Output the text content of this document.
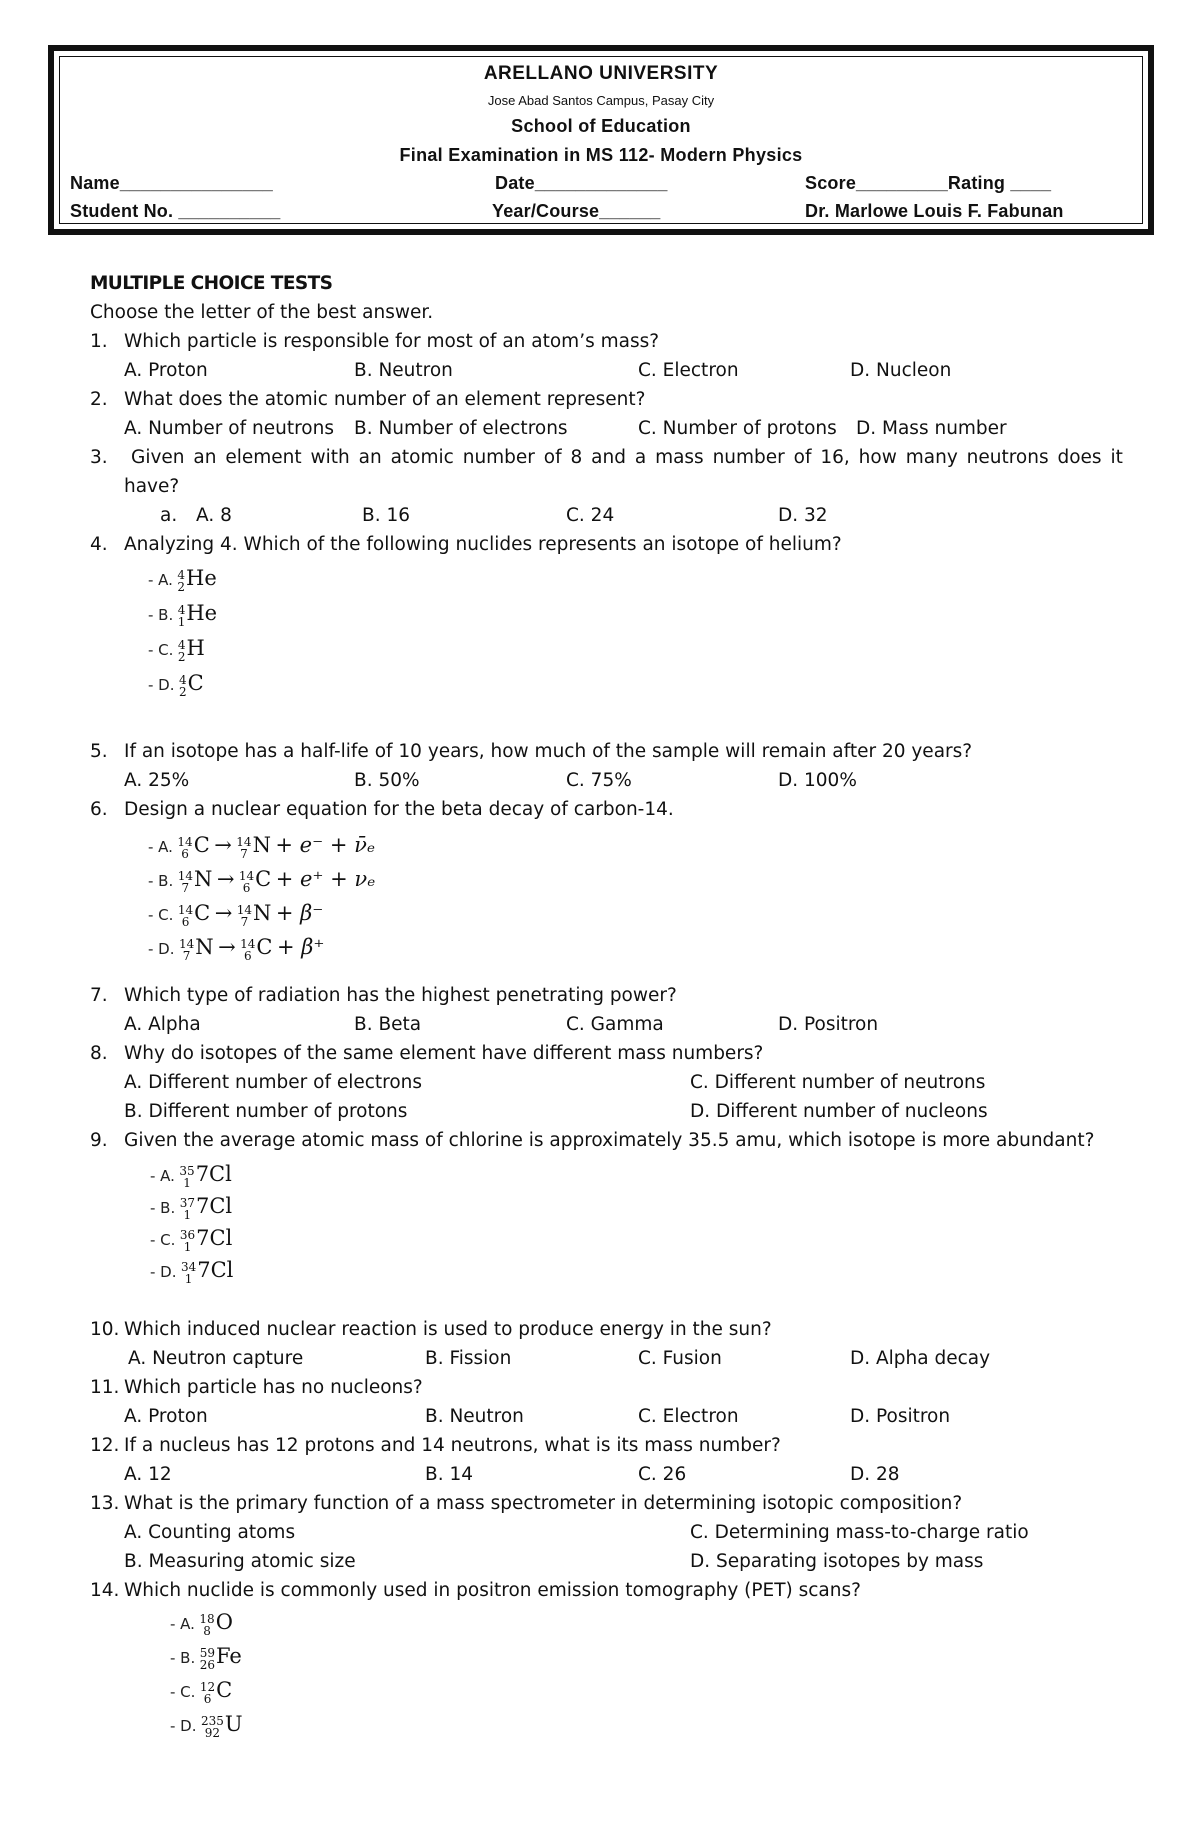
ARELLANO UNIVERSITY
Jose Abad Santos Campus, Pasay City
School of Education
Final Examination in MS 112- Modern Physics
Name_______________	Date_____________	Score_________Rating ____
Student No. __________	Year/Course______	Dr. Marlowe Louis F. Fabunan
MULTIPLE CHOICE TESTS
Choose the letter of the best answer.
1. Which particle is responsible for most of an atom’s mass?
A. Proton	B. Neutron	C. Electron	D. Nucleon
2. What does the atomic number of an element represent?
A. Number of neutrons B. Number of electrons	C. Number of protons D. Mass number
3. Given an element with an atomic number of 8 and a mass number of 16, how many neutrons does it
have?
a. A. 8	B. 16	C. 24	D. 32
4. Analyzing 4. Which of the following nuclides represents an isotope of helium?
- A. 4
2 He
- B. 4
1 He
- C. 4
2 H
- D. 4
2 C
5. If an isotope has a half-life of 10 years, how much of the sample will remain after 20 years?
A. 25%	B. 50%	C. 75%	D. 100%
6. Design a nuclear equation for the beta decay of carbon-14.
- A. 14
6 C → 14
7 N + e⁻ + ν̄ₑ
- B. 14
7 N → 14
6 C + e⁺ + νₑ
- C. 14
6 C → 14
7 N + β⁻
- D. 14
7 N → 14
6 C + β⁺
7. Which type of radiation has the highest penetrating power?
A. Alpha	B. Beta	C. Gamma	D. Positron
8. Why do isotopes of the same element have different mass numbers?
A. Different number of electrons	C. Different number of neutrons
B. Different number of protons	D. Different number of nucleons
9. Given the average atomic mass of chlorine is approximately 35.5 amu, which isotope is more abundant?
- A. 35
1 7Cl
- B. 37
1 7Cl
- C. 36
1 7Cl
- D. 34
1 7Cl
10. Which induced nuclear reaction is used to produce energy in the sun?
A. Neutron capture	B. Fission	C. Fusion	D. Alpha decay
11. Which particle has no nucleons?
A. Proton	B. Neutron	C. Electron	D. Positron
12. If a nucleus has 12 protons and 14 neutrons, what is its mass number?
A. 12	B. 14	C. 26	D. 28
13. What is the primary function of a mass spectrometer in determining isotopic composition?
A. Counting atoms	C. Determining mass-to-charge ratio
B. Measuring atomic size	D. Separating isotopes by mass
14. Which nuclide is commonly used in positron emission tomography (PET) scans?
- A. 18
8 O
- B. 59
26 Fe
- C. 12
6 C
- D. 235
92 U
